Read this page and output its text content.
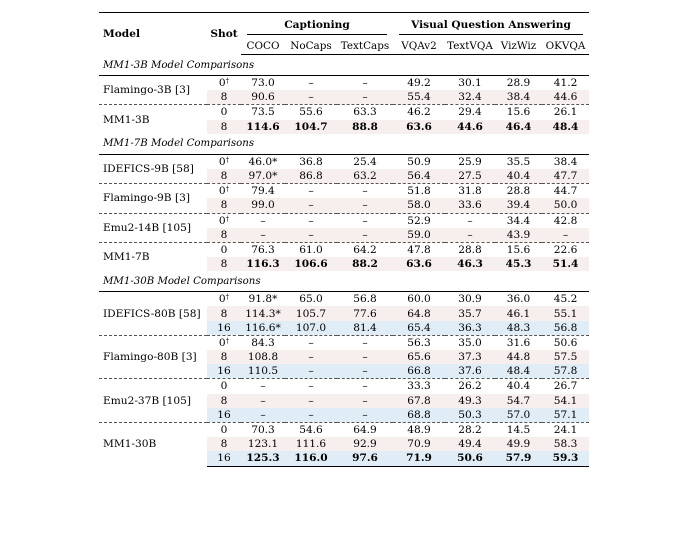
Model	Shot	Captioning			Visual Question Answering			

		COCO	NoCaps	TextCaps	VQAv2	TextVQA	VizWiz	OKVQA
MM1-3B Model Comparisons								
Flamingo-3B [3]	0†	73.0	–	–	49.2	30.1	28.9	41.2
	8	90.6	–	–	55.4	32.4	38.4	44.6
MM1-3B	0	73.5	55.6	63.3	46.2	29.4	15.6	26.1
	8	114.6	104.7	88.8	63.6	44.6	46.4	48.4
MM1-7B Model Comparisons								
IDEFICS-9B [58]	0†	46.0*	36.8	25.4	50.9	25.9	35.5	38.4
	8	97.0*	86.8	63.2	56.4	27.5	40.4	47.7
Flamingo-9B [3]	0†	79.4	–	–	51.8	31.8	28.8	44.7
	8	99.0	–	–	58.0	33.6	39.4	50.0
Emu2-14B [105]	0†	–	–	–	52.9	–	34.4	42.8
	8	–	–	–	59.0	–	43.9	–
MM1-7B	0	76.3	61.0	64.2	47.8	28.8	15.6	22.6
	8	116.3	106.6	88.2	63.6	46.3	45.3	51.4
MM1-30B Model Comparisons								
IDEFICS-80B [58]	0†	91.8*	65.0	56.8	60.0	30.9	36.0	45.2
	8	114.3*	105.7	77.6	64.8	35.7	46.1	55.1
	16	116.6*	107.0	81.4	65.4	36.3	48.3	56.8
Flamingo-80B [3]	0†	84.3	–	–	56.3	35.0	31.6	50.6
	8	108.8	–	–	65.6	37.3	44.8	57.5
	16	110.5	–	–	66.8	37.6	48.4	57.8
Emu2-37B [105]	0	–	–	–	33.3	26.2	40.4	26.7
	8	–	–	–	67.8	49.3	54.7	54.1
	16	–	–	–	68.8	50.3	57.0	57.1
MM1-30B	0	70.3	54.6	64.9	48.9	28.2	14.5	24.1
	8	123.1	111.6	92.9	70.9	49.4	49.9	58.3
	16	125.3	116.0	97.6	71.9	50.6	57.9	59.3
